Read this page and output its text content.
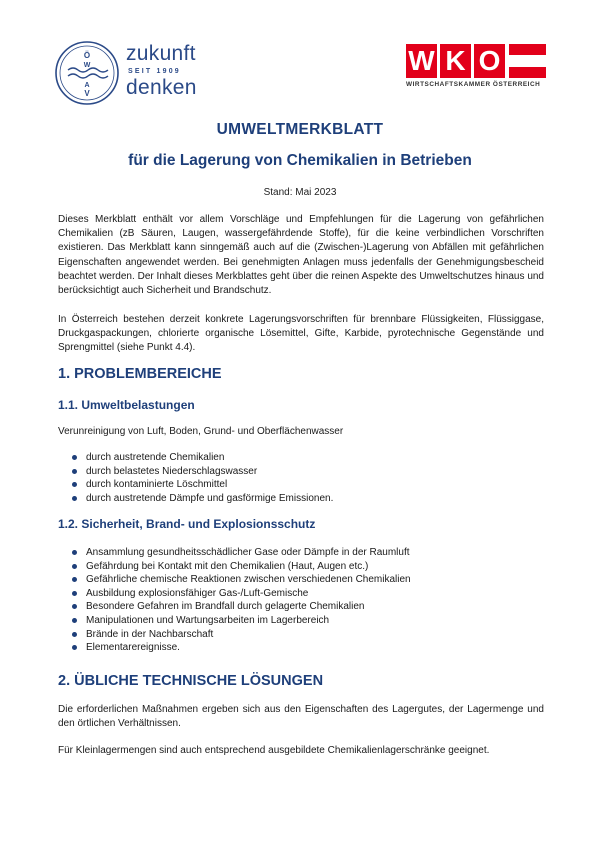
Ö
W
A
V
zukunft
SEIT 1909
denken
W K O
WIRTSCHAFTSKAMMER ÖSTERREICH
UMWELTMERKBLATT
für die Lagerung von Chemikalien in Betrieben
Stand: Mai 2023
Dieses Merkblatt enthält vor allem Vorschläge und Empfehlungen für die Lagerung von gefährlichen Chemikalien (zB Säuren, Laugen, wassergefährdende Stoffe), für die keine verbindlichen Vorschriften existieren. Das Merkblatt kann sinngemäß auch auf die (Zwischen-)Lagerung von Abfällen mit gefährlichen Eigenschaften angewendet werden. Bei genehmigten Anlagen muss jedenfalls der Genehmigungsbescheid beachtet werden. Der Inhalt dieses Merkblattes geht über die reinen Aspekte des Umweltschutzes hinaus und berücksichtigt auch Sicherheit und Brandschutz.
In Österreich bestehen derzeit konkrete Lagerungsvorschriften für brennbare Flüssigkeiten, Flüssiggase, Druckgaspackungen, chlorierte organische Lösemittel, Gifte, Karbide, pyrotechnische Gegenstände und Sprengmittel (siehe Punkt 4.4).
1. PROBLEMBEREICHE
1.1. Umweltbelastungen
Verunreinigung von Luft, Boden, Grund- und Oberflächenwasser
durch austretende Chemikalien
durch belastetes Niederschlagswasser
durch kontaminierte Löschmittel
durch austretende Dämpfe und gasförmige Emissionen.
1.2. Sicherheit, Brand- und Explosionsschutz
Ansammlung gesundheitsschädlicher Gase oder Dämpfe in der Raumluft
Gefährdung bei Kontakt mit den Chemikalien (Haut, Augen etc.)
Gefährliche chemische Reaktionen zwischen verschiedenen Chemikalien
Ausbildung explosionsfähiger Gas-/Luft-Gemische
Besondere Gefahren im Brandfall durch gelagerte Chemikalien
Manipulationen und Wartungsarbeiten im Lagerbereich
Brände in der Nachbarschaft
Elementarereignisse.
2. ÜBLICHE TECHNISCHE LÖSUNGEN
Die erforderlichen Maßnahmen ergeben sich aus den Eigenschaften des Lagergutes, der Lagermenge und den örtlichen Verhältnissen.
Für Kleinlagermengen sind auch entsprechend ausgebildete Chemikalienlagerschränke geeignet.
